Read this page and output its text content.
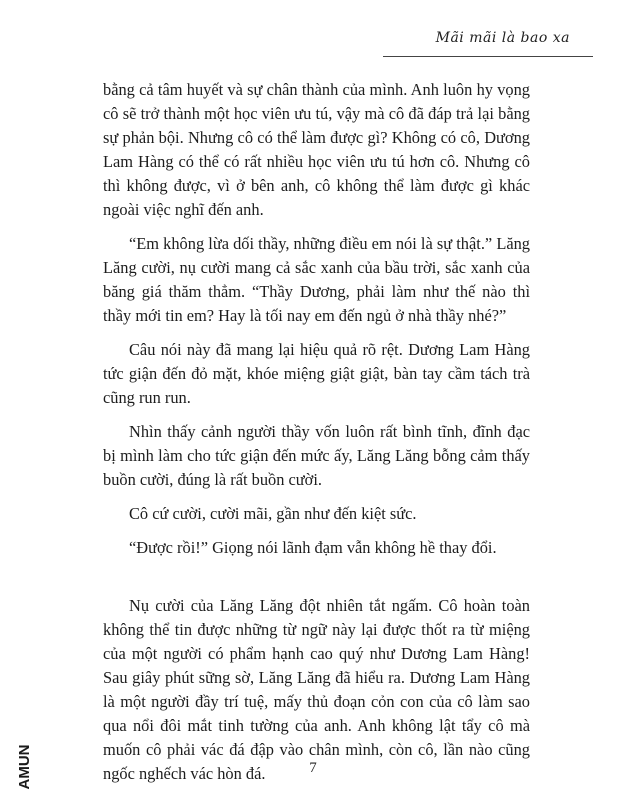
Mãi mãi là bao xa

bằng cả tâm huyết và sự chân thành của mình. Anh luôn hy vọng cô sẽ trở thành một học viên ưu tú, vậy mà cô đã đáp trả lại bằng sự phản bội. Nhưng cô có thể làm được gì? Không có cô, Dương Lam Hàng có thể có rất nhiều học viên ưu tú hơn cô. Nhưng cô thì không được, vì ở bên anh, cô không thể làm được gì khác ngoài việc nghĩ đến anh.

“Em không lừa dối thầy, những điều em nói là sự thật.” Lăng Lăng cười, nụ cười mang cả sắc xanh của bầu trời, sắc xanh của băng giá thăm thẳm. “Thầy Dương, phải làm như thế nào thì thầy mới tin em? Hay là tối nay em đến ngủ ở nhà thầy nhé?”

Câu nói này đã mang lại hiệu quả rõ rệt. Dương Lam Hàng tức giận đến đỏ mặt, khóe miệng giật giật, bàn tay cầm tách trà cũng run run.

Nhìn thấy cảnh người thầy vốn luôn rất bình tĩnh, đĩnh đạc bị mình làm cho tức giận đến mức ấy, Lăng Lăng bỗng cảm thấy buồn cười, đúng là rất buồn cười.

Cô cứ cười, cười mãi, gần như đến kiệt sức.

“Được rồi!” Giọng nói lãnh đạm vẫn không hề thay đổi.

Nụ cười của Lăng Lăng đột nhiên tắt ngấm. Cô hoàn toàn không thể tin được những từ ngữ này lại được thốt ra từ miệng của một người có phẩm hạnh cao quý như Dương Lam Hàng! Sau giây phút sững sờ, Lăng Lăng đã hiểu ra. Dương Lam Hàng là một người đầy trí tuệ, mấy thủ đoạn cỏn con của cô làm sao qua nổi đôi mắt tinh tường của anh. Anh không lật tẩy cô mà muốn cô phải vác đá đập vào chân mình, còn cô, lần nào cũng ngốc nghếch vác hòn đá.	7
AMUN
